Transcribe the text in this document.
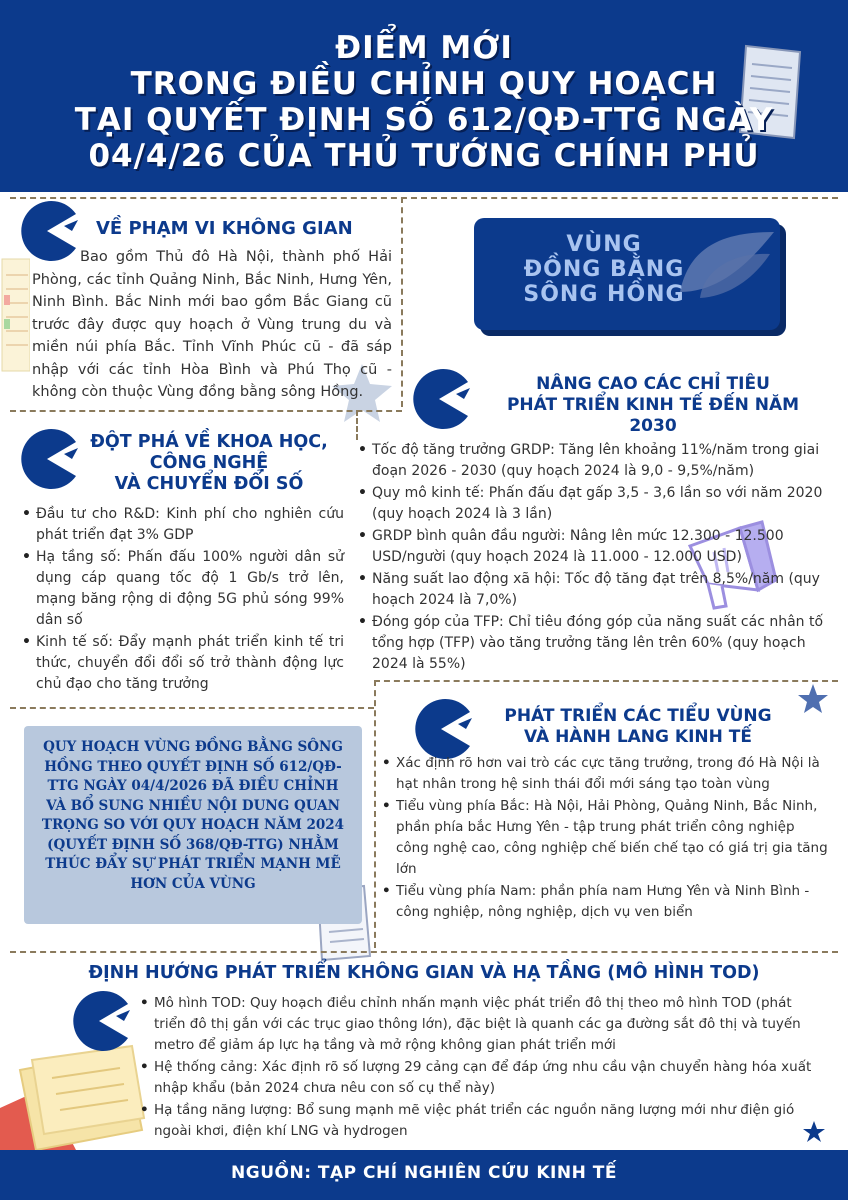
ĐIỂM MỚI
TRONG ĐIỀU CHỈNH QUY HOẠCH
TẠI QUYẾT ĐỊNH SỐ 612/QĐ-TTG NGÀY
04/4/26 CỦA THỦ TƯỚNG CHÍNH PHỦ
VỀ PHẠM VI KHÔNG GIAN
Bao gồm Thủ đô Hà Nội, thành phố Hải Phòng, các tỉnh Quảng Ninh, Bắc Ninh, Hưng Yên, Ninh Bình. Bắc Ninh mới bao gồm Bắc Giang cũ trước đây được quy hoạch ở Vùng trung du và miền núi phía Bắc. Tỉnh Vĩnh Phúc cũ - đã sáp nhập với các tỉnh Hòa Bình và Phú Thọ cũ - không còn thuộc Vùng đồng bằng sông Hồng.
VÙNG
ĐỒNG BẰNG
SÔNG HỒNG
NÂNG CAO CÁC CHỈ TIÊU
PHÁT TRIỂN KINH TẾ ĐẾN NĂM
2030
• Tốc độ tăng trưởng GRDP: Tăng lên khoảng 11%/năm trong giai đoạn 2026 - 2030 (quy hoạch 2024 là 9,0 - 9,5%/năm)
• Quy mô kinh tế: Phấn đấu đạt gấp 3,5 - 3,6 lần so với năm 2020 (quy hoạch 2024 là 3 lần)
• GRDP bình quân đầu người: Nâng lên mức 12.300 - 12.500 USD/người (quy hoạch 2024 là 11.000 - 12.000 USD)
• Năng suất lao động xã hội: Tốc độ tăng đạt trên 8,5%/năm (quy hoạch 2024 là 7,0%)
• Đóng góp của TFP: Chỉ tiêu đóng góp của năng suất các nhân tố tổng hợp (TFP) vào tăng trưởng tăng lên trên 60% (quy hoạch 2024 là 55%)
ĐỘT PHÁ VỀ KHOA HỌC,
CÔNG NGHỆ
VÀ CHUYỂN ĐỔI SỐ
• Đầu tư cho R&D: Kinh phí cho nghiên cứu phát triển đạt 3% GDP
• Hạ tầng số: Phấn đấu 100% người dân sử dụng cáp quang tốc độ 1 Gb/s trở lên, mạng băng rộng di động 5G phủ sóng 99% dân số
• Kinh tế số: Đẩy mạnh phát triển kinh tế tri thức, chuyển đổi đổi số trở thành động lực chủ đạo cho tăng trưởng
QUY HOẠCH VÙNG ĐỒNG BẰNG SÔNG HỒNG THEO QUYẾT ĐỊNH SỐ 612/QĐ-TTG NGÀY 04/4/2026 ĐÃ ĐIỀU CHỈNH VÀ BỔ SUNG NHIỀU NỘI DUNG QUAN TRỌNG SO VỚI QUY HOẠCH NĂM 2024 (QUYẾT ĐỊNH SỐ 368/QĐ-TTG) NHẰM THÚC ĐẨY SỰ PHÁT TRIỂN MẠNH MẼ HƠN CỦA VÙNG
PHÁT TRIỂN CÁC TIỂU VÙNG
VÀ HÀNH LANG KINH TẾ
• Xác định rõ hơn vai trò các cực tăng trưởng, trong đó Hà Nội là hạt nhân trong hệ sinh thái đổi mới sáng tạo toàn vùng
• Tiểu vùng phía Bắc: Hà Nội, Hải Phòng, Quảng Ninh, Bắc Ninh, phần phía bắc Hưng Yên - tập trung phát triển công nghiệp công nghệ cao, công nghiệp chế biến chế tạo có giá trị gia tăng lớn
• Tiểu vùng phía Nam: phần phía nam Hưng Yên và Ninh Bình - công nghiệp, nông nghiệp, dịch vụ ven biển
ĐỊNH HƯỚNG PHÁT TRIỂN KHÔNG GIAN VÀ HẠ TẦNG (MÔ HÌNH TOD)
• Mô hình TOD: Quy hoạch điều chỉnh nhấn mạnh việc phát triển đô thị theo mô hình TOD (phát triển đô thị gắn với các trục giao thông lớn), đặc biệt là quanh các ga đường sắt đô thị và tuyến metro để giảm áp lực hạ tầng và mở rộng không gian phát triển mới
• Hệ thống cảng: Xác định rõ số lượng 29 cảng cạn để đáp ứng nhu cầu vận chuyển hàng hóa xuất nhập khẩu (bản 2024 chưa nêu con số cụ thể này)
• Hạ tầng năng lượng: Bổ sung mạnh mẽ việc phát triển các nguồn năng lượng mới như điện gió ngoài khơi, điện khí LNG và hydrogen
NGUỒN: TẠP CHÍ NGHIÊN CỨU KINH TẾ
